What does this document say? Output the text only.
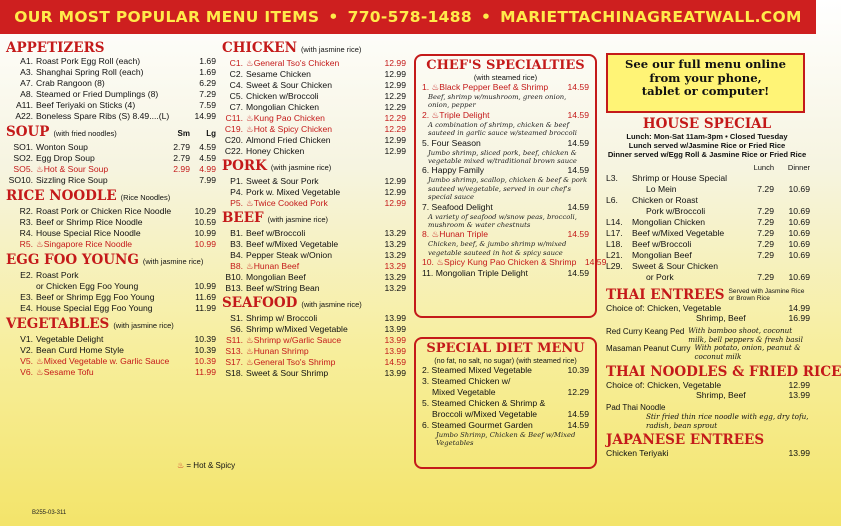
OUR MOST POPULAR MENU ITEMS • 770-578-1488 • MARIETTACHINAGREATWALL.COM
APPETIZERS
A1. Roast Pork Egg Roll (each)	1.69
A3. Shanghai Spring Roll (each)	1.69
A7. Crab Rangoon (8)	6.29
A8. Steamed or Fried Dumplings (8)	7.29
A11. Beef Teriyaki on Sticks (4)	7.59
A22. Boneless Spare Ribs (S) 8.49....(L)	14.99
SOUP (with fried noodles)	Sm	Lg
SO1. Wonton Soup	2.79	4.59
SO2. Egg Drop Soup	2.79	4.59
SO5. ♨Hot & Sour Soup	2.99	4.99
SO10. Sizzling Rice Soup	7.99
RICE NOODLE (Rice Noodles)
R2. Roast Pork or Chicken Rice Noodle	10.29
R3. Beef or Shrimp Rice Noodle	10.59
R4. House Special Rice Noodle	10.99
R5. ♨Singapore Rice Noodle	10.99
EGG FOO YOUNG (with jasmine rice)
E2. Roast Pork
or Chicken Egg Foo Young	10.99
E3. Beef or Shrimp Egg Foo Young	11.69
E4. House Special Egg Foo Young	11.99
VEGETABLES (with jasmine rice)
V1. Vegetable Delight	10.39
V2. Bean Curd Home Style	10.39
V5. ♨Mixed Vegetable w. Garlic Sauce	10.39
V6. ♨Sesame Tofu	11.99
CHICKEN (with jasmine rice)
C1. ♨General Tso's Chicken	12.99
C2. Sesame Chicken	12.99
C4. Sweet & Sour Chicken	12.99
C5. Chicken w/Broccoli	12.29
C7. Mongolian Chicken	12.29
C11. ♨Kung Pao Chicken	12.29
C19. ♨Hot & Spicy Chicken	12.29
C20. Almond Fried Chicken	12.99
C22. Honey Chicken	12.99
PORK (with jasmine rice)
P1. Sweet & Sour Pork	12.99
P4. Pork w. Mixed Vegetable	12.99
P5. ♨Twice Cooked Pork	12.99
BEEF (with jasmine rice)
B1. Beef w/Broccoli	13.29
B3. Beef w/Mixed Vegetable	13.29
B4. Pepper Steak w/Onion	13.29
B8. ♨Hunan Beef	13.29
B10. Mongolian Beef	13.29
B13. Beef w/String Bean	13.29
SEAFOOD (with jasmine rice)
S1. Shrimp w/ Broccoli	13.99
S6. Shrimp w/Mixed Vegetable	13.99
S11. ♨Shrimp w/Garlic Sauce	13.99
S13. ♨Hunan Shrimp	13.99
S17. ♨General Tso's Shrimp	14.59
S18. Sweet & Sour Shrimp	13.99
♨ = Hot & Spicy
CHEF'S SPECIALTIES
(with steamed rice)
1. ♨Black Pepper Beef & Shrimp	14.59
Beef, shrimp w/mushroom, green onion, onion, pepper
2. ♨Triple Delight	14.59
A combination of shrimp, chicken & beef sauteed in garlic sauce w/steamed broccoli
5. Four Season	14.59
Jumbo shrimp, sliced pork, beef, chicken & vegetable mixed w/traditional brown sauce
6. Happy Family	14.59
Jumbo shrimp, scallop, chicken & beef & pork sauteed w/vegetable, served in our chef's special sauce
7. Seafood Delight	14.59
A variety of seafood w/snow peas, broccoli, mushroom & water chestnuts
8. ♨Hunan Triple	14.59
Chicken, beef, & jumbo shrimp w/mixed vegetable sauteed in hot & spicy sauce
10. ♨Spicy Kung Pao Chicken & Shrimp 14.59
11. Mongolian Triple Delight	14.59
SPECIAL DIET MENU
(no fat, no salt, no sugar) (with steamed rice)
2. Steamed Mixed Vegetable	10.39
3. Steamed Chicken w/
Mixed Vegetable	12.29
5. Steamed Chicken & Shrimp &
Broccoli w/Mixed Vegetable	14.59
6. Steamed Gourmet Garden	14.59
Jumbo Shrimp, Chicken & Beef w/Mixed Vegetables
See our full menu online
from your phone,
tablet or computer!
HOUSE SPECIAL

Lunch: Mon-Sat 11am-3pm • Closed Tuesday

Lunch served w/Jasmine Rice or Fried Rice

Dinner served w/Egg Roll & Jasmine Rice or Fried Rice

Lunch	Dinner
L3.	Shrimp or House Special
Lo Mein	7.29	10.69
L6.	Chicken or Roast
Pork w/Broccoli	7.29	10.69
L14.	Mongolian Chicken	7.29	10.69
L17.	Beef w/Mixed Vegetable	7.29	10.69
L18.	Beef w/Broccoli	7.29	10.69
L21.	Mongolian Beef	7.29	10.69
L29.	Sweet & Sour Chicken
or Pork	7.29	10.69
THAI ENTREES Served with Jasmine Rice or Brown Rice
Choice of: Chicken, Vegetable	14.99
Shrimp, Beef	16.99
Red Curry Keang Ped With bamboo shoot, coconut milk, bell peppers & fresh basil
Masaman Peanut Curry With potato, onion, peanut & coconut milk
THAI NOODLES & FRIED RICE
Choice of: Chicken, Vegetable	12.99
Shrimp, Beef	13.99
Pad Thai Noodle
Stir fried thin rice noodle with egg, dry tofu, radish, bean sprout
JAPANESE ENTREES
Chicken Teriyaki	13.99
B255-03-311
